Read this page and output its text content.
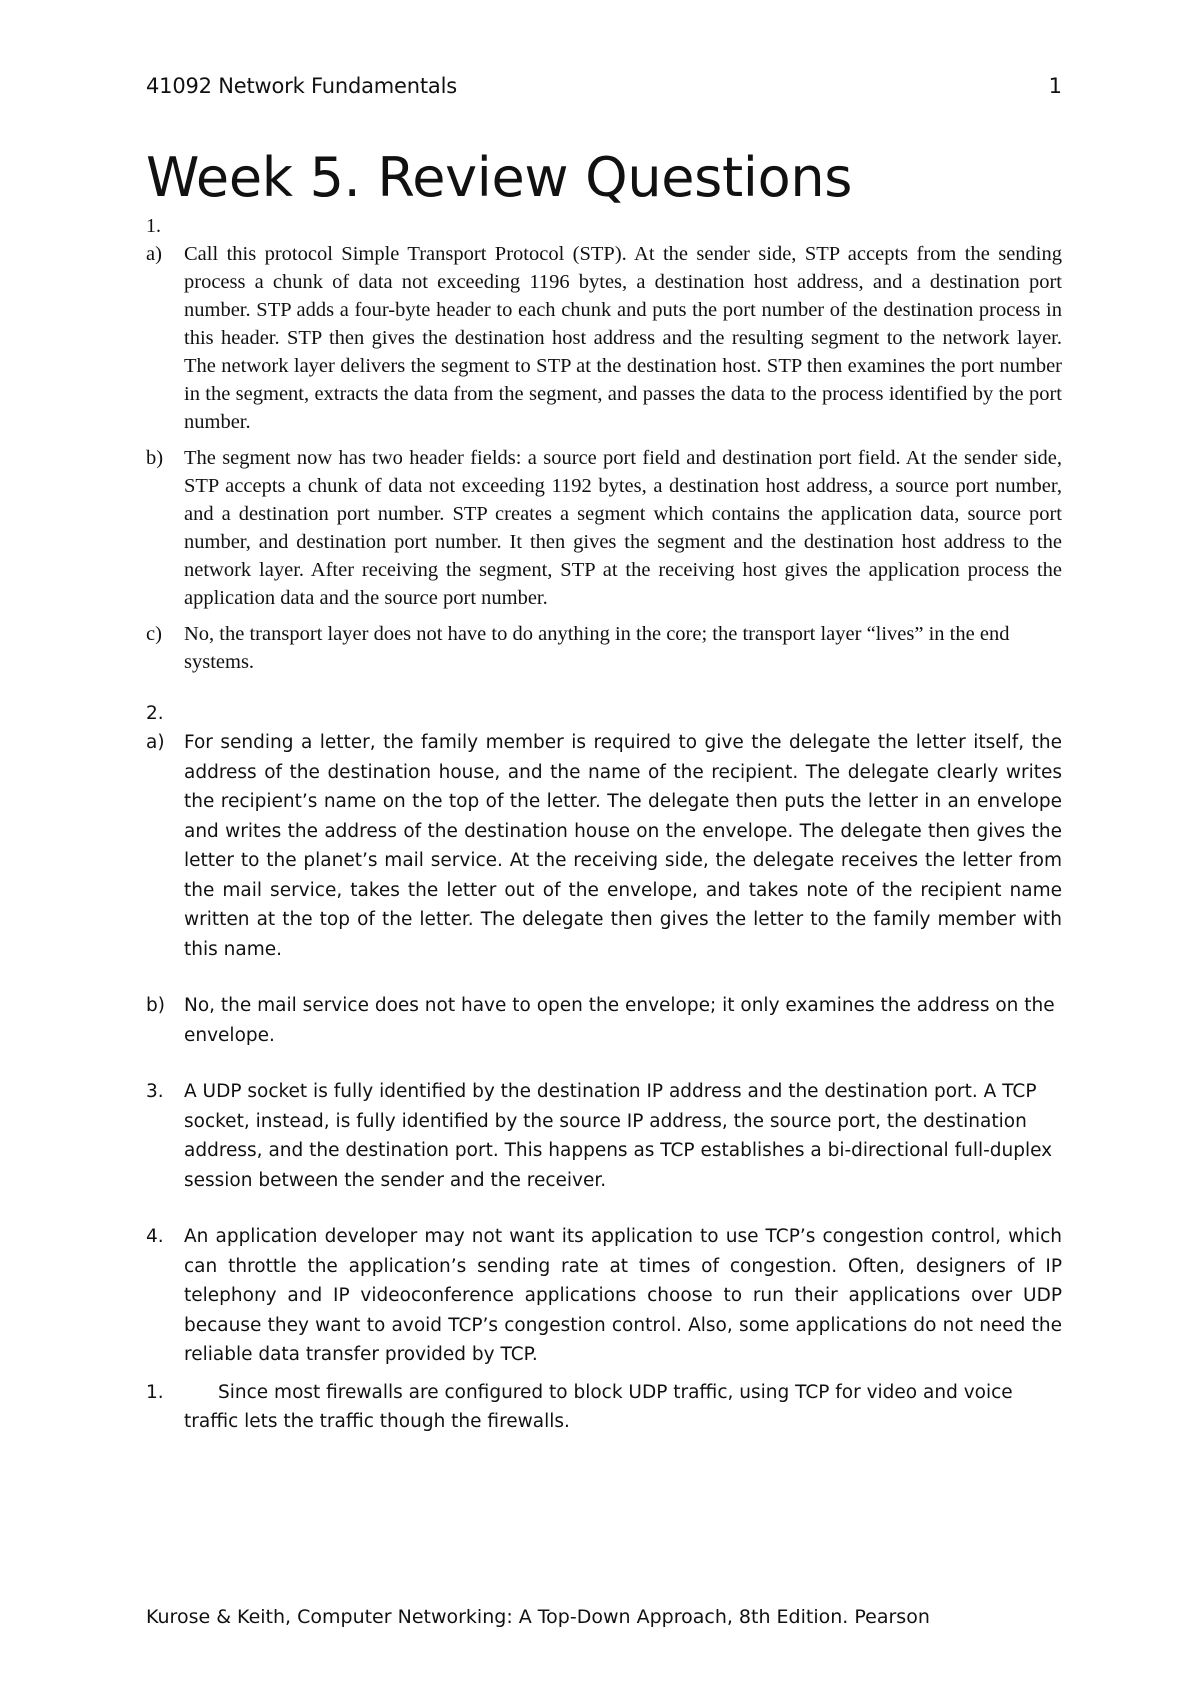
41092 Network Fundamentals	1
Week 5. Review Questions
1.
a) Call this protocol Simple Transport Protocol (STP). At the sender side, STP accepts from the sending process a chunk of data not exceeding 1196 bytes, a destination host address, and a destination port number. STP adds a four-byte header to each chunk and puts the port number of the destination process in this header. STP then gives the destination host address and the resulting segment to the network layer. The network layer delivers the segment to STP at the destination host. STP then examines the port number in the segment, extracts the data from the segment, and passes the data to the process identified by the port number.
b) The segment now has two header fields: a source port field and destination port field. At the sender side, STP accepts a chunk of data not exceeding 1192 bytes, a destination host address, a source port number, and a destination port number. STP creates a segment which contains the application data, source port number, and destination port number. It then gives the segment and the destination host address to the network layer. After receiving the segment, STP at the receiving host gives the application process the application data and the source port number.
c) No, the transport layer does not have to do anything in the core; the transport layer “lives” in the end systems.
2.
a) For sending a letter, the family member is required to give the delegate the letter itself, the address of the destination house, and the name of the recipient. The delegate clearly writes the recipient’s name on the top of the letter. The delegate then puts the letter in an envelope and writes the address of the destination house on the envelope. The delegate then gives the letter to the planet’s mail service. At the receiving side, the delegate receives the letter from the mail service, takes the letter out of the envelope, and takes note of the recipient name written at the top of the letter. The delegate then gives the letter to the family member with this name.
b) No, the mail service does not have to open the envelope; it only examines the address on the envelope.
3. A UDP socket is fully identified by the destination IP address and the destination port. A TCP socket, instead, is fully identified by the source IP address, the source port, the destination address, and the destination port. This happens as TCP establishes a bi-directional full-duplex session between the sender and the receiver.
4. An application developer may not want its application to use TCP’s congestion control, which can throttle the application’s sending rate at times of congestion. Often, designers of IP telephony and IP videoconference applications choose to run their applications over UDP because they want to avoid TCP’s congestion control. Also, some applications do not need the reliable data transfer provided by TCP.
1.	Since most firewalls are configured to block UDP traffic, using TCP for video and voice traffic lets the traffic though the firewalls.
Kurose & Keith, Computer Networking: A Top-Down Approach, 8th Edition. Pearson
